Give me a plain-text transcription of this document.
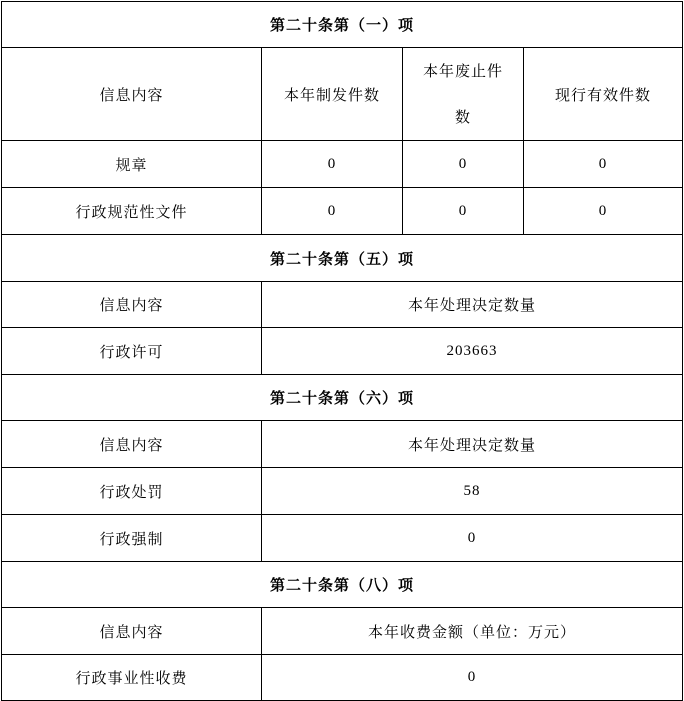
第二十条第（一）项			
信息内容	本年制发件数	本年废止件数	现行有效件数
规章	0	0	0
行政规范性文件	0	0	0
第二十条第（五）项			
信息内容	本年处理决定数量		
行政许可	203663		
第二十条第（六）项			
信息内容	本年处理决定数量		
行政处罚	58		
行政强制	0		
第二十条第（八）项			
信息内容	本年收费金额（单位：万元）		
行政事业性收费	0		
